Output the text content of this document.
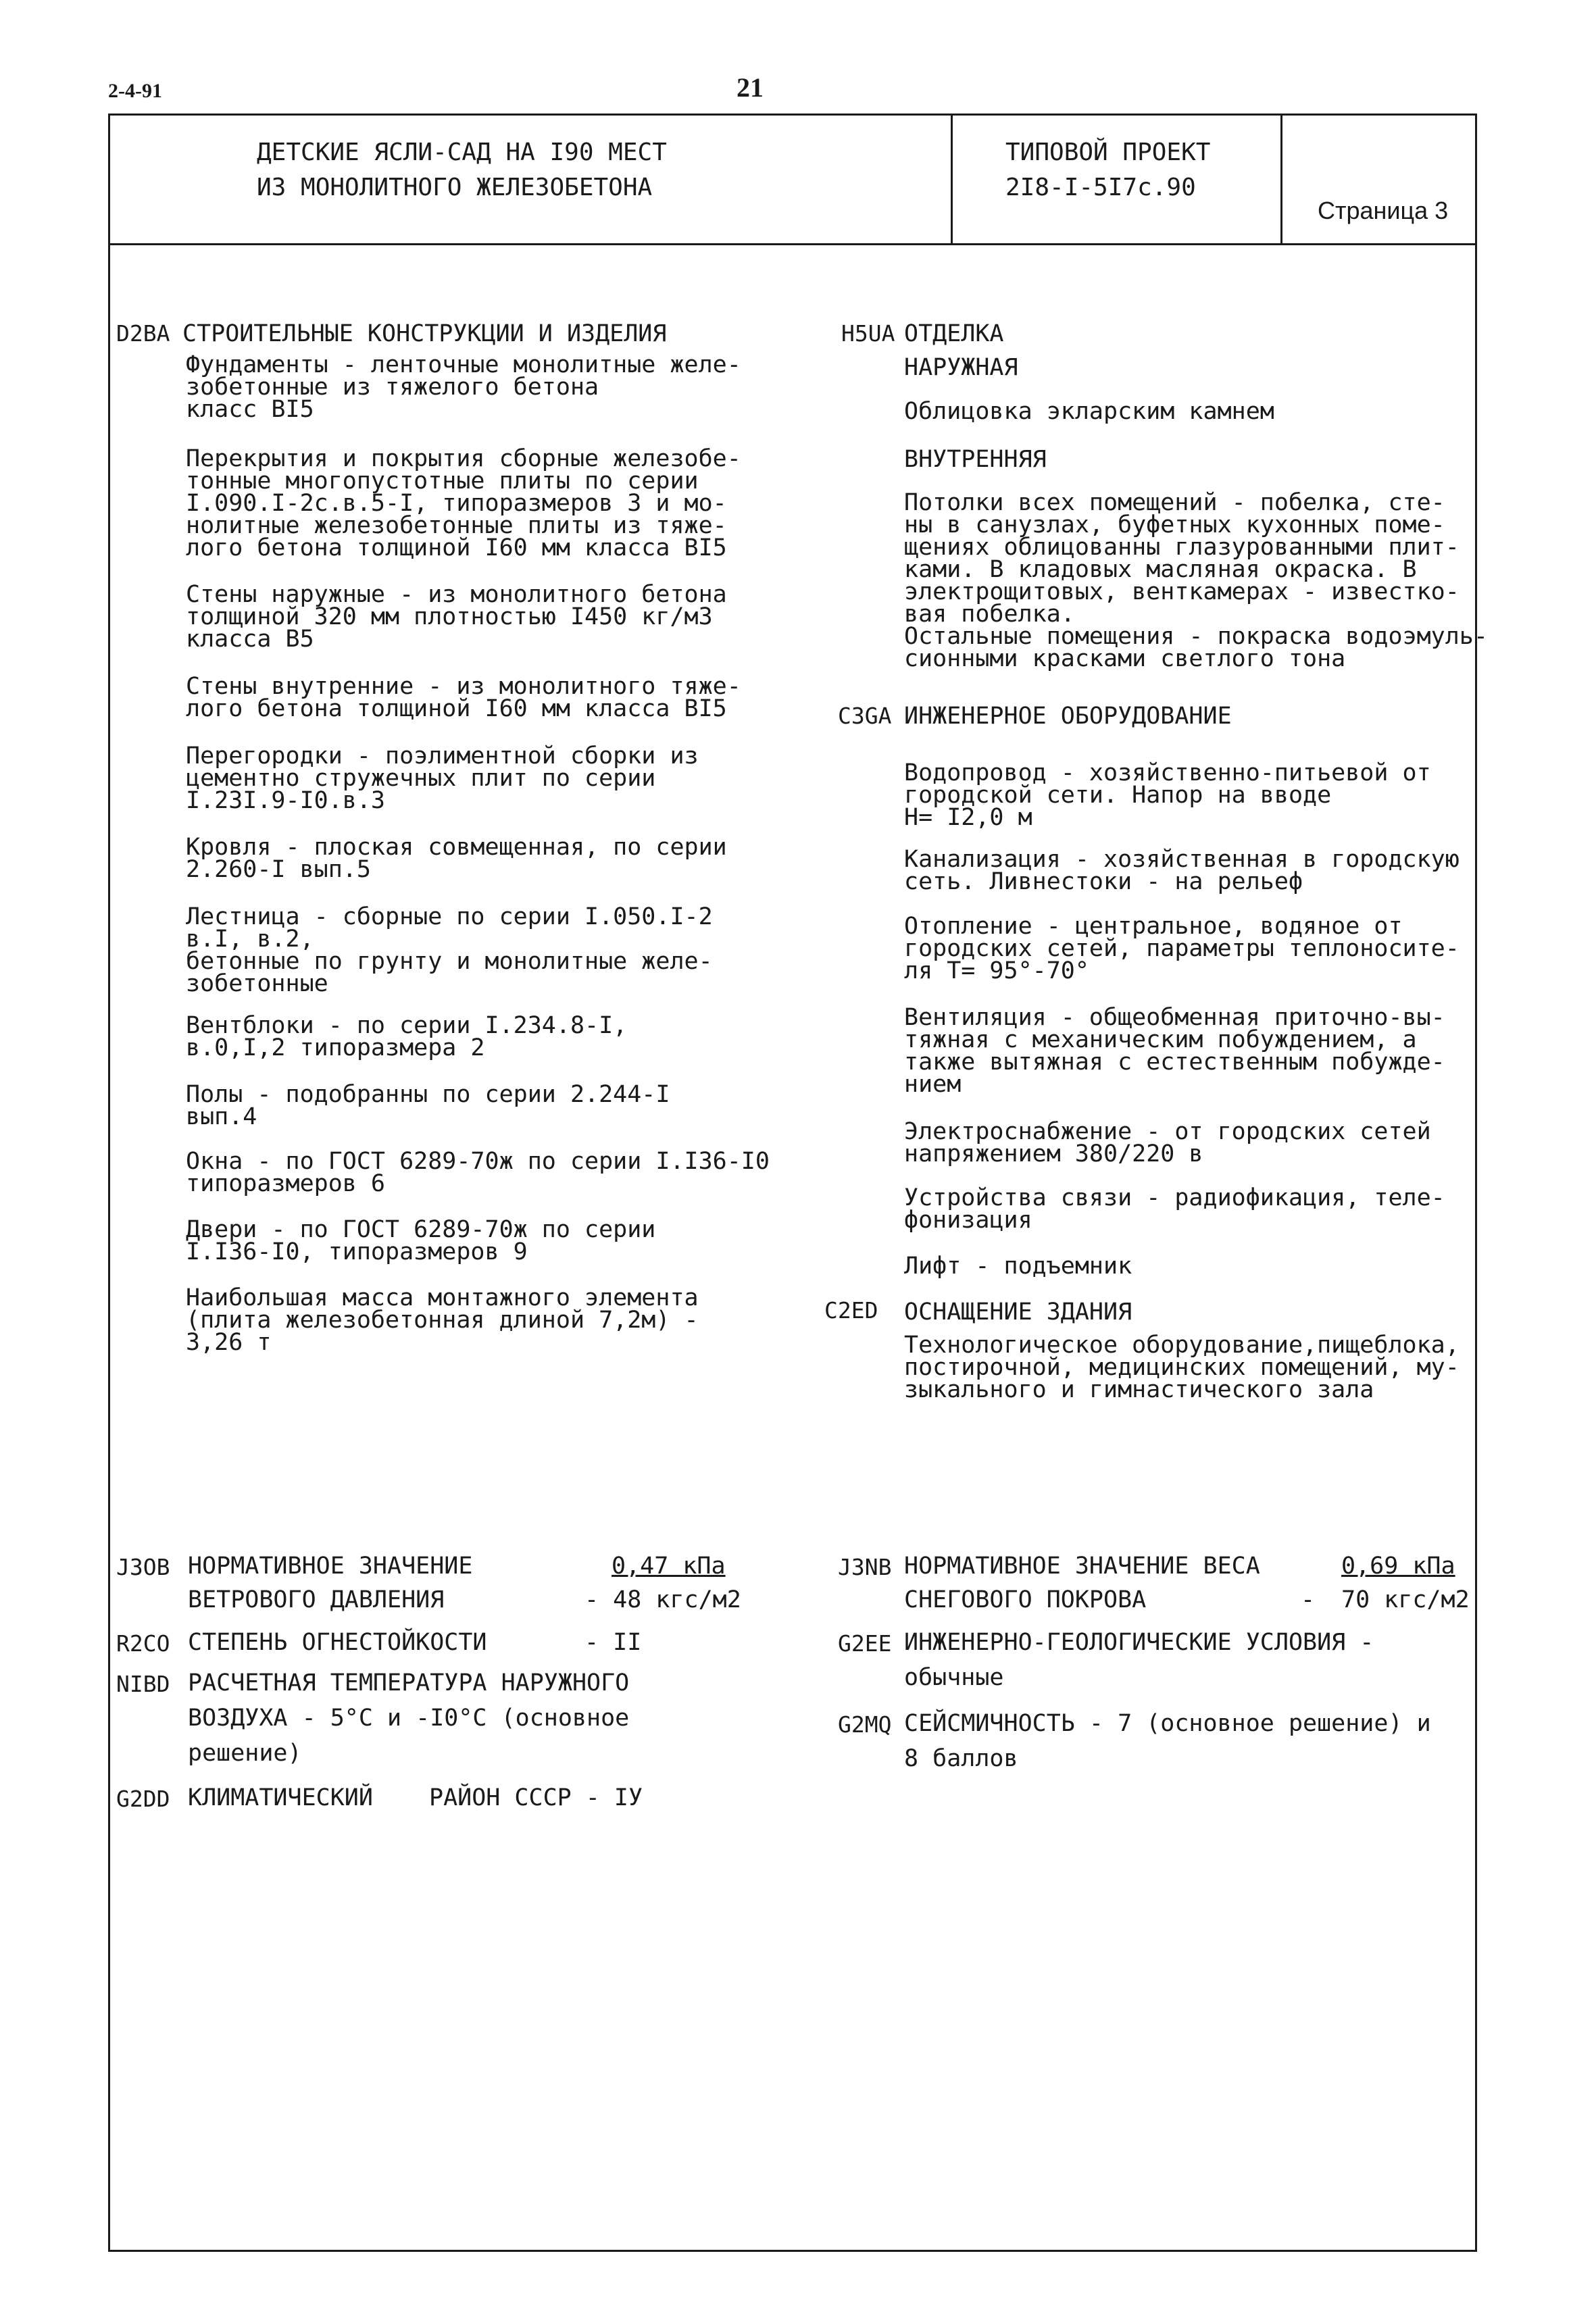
2-4-91	21
ДЕТСКИЕ ЯСЛИ-САД НА I90 МЕСТ
ИЗ МОНОЛИТНОГО ЖЕЛЕЗОБЕТОНА
ТИПОВОЙ ПРОЕКТ
2I8-I-5I7с.90
Страница 3
D2BA СТРОИТЕЛЬНЫЕ КОНСТРУКЦИИ И ИЗДЕЛИЯ
Фундаменты - ленточные монолитные желе-
зобетонные из тяжелого бетона
класс BI5
Перекрытия и покрытия сборные железобе-
тонные многопустотные плиты по серии
I.090.I-2с.в.5-I, типоразмеров 3 и мо-
нолитные железобетонные плиты из тяже-
лого бетона толщиной I60 мм класса BI5
Стены наружные - из монолитного бетона
толщиной 320 мм плотностью I450 кг/м3
класса В5
Стены внутренние - из монолитного тяже-
лого бетона толщиной I60 мм класса BI5
Перегородки - поэлиментной сборки из
цементно стружечных плит по серии
I.23I.9-I0.в.3
Кровля - плоская совмещенная, по серии
2.260-I вып.5
Лестница - сборные по серии I.050.I-2
в.I, в.2,
бетонные по грунту и монолитные желе-
зобетонные
Вентблоки - по серии I.234.8-I,
в.0,I,2 типоразмера 2
Полы - подобранны по серии 2.244-I
вып.4
Окна - по ГОСТ 6289-70ж по серии I.I36-I0
типоразмеров 6
Двери - по ГОСТ 6289-70ж по серии
I.I36-I0, типоразмеров 9
Наибольшая масса монтажного элемента
(плита железобетонная длиной 7,2м) -
3,26 т
H5UA ОТДЕЛКА
НАРУЖНАЯ
Облицовка экларским камнем
ВНУТРЕННЯЯ
Потолки всех помещений - побелка, сте-
ны в санузлах, буфетных кухонных поме-
щениях облицованны глазурованными плит-
ками. В кладовых масляная окраска. В
электрощитовых, венткамерах - известко-
вая побелка.
Остальные помещения - покраска водоэмуль-
сионными красками светлого тона
C3GA ИНЖЕНЕРНОЕ ОБОРУДОВАНИЕ
Водопровод - хозяйственно-питьевой от
городской сети. Напор на вводе
Н= I2,0 м
Канализация - хозяйственная в городскую
сеть. Ливнестоки - на рельеф
Отопление - центральное, водяное от
городских сетей, параметры теплоносите-
ля Т= 95°-70°
Вентиляция - общеобменная приточно-вы-
тяжная с механическим побуждением, а
также вытяжная с естественным побужде-
нием
Электроснабжение - от городских сетей
напряжением 380/220 в
Устройства связи - радиофикация, теле-
фонизация
Лифт - подъемник
C2ED ОСНАЩЕНИЕ ЗДАНИЯ
Технологическое оборудование,пищеблока,
постирочной, медицинских помещений, му-
зыкального и гимнастического зала
J3OB НОРМАТИВНОЕ ЗНАЧЕНИЕ	0,47 кПа
ВЕТРОВОГО ДАВЛЕНИЯ	- 48 кгс/м2
R2CO СТЕПЕНЬ ОГНЕСТОЙКОСТИ	- II
NIBD РАСЧЕТНАЯ ТЕМПЕРАТУРА НАРУЖНОГО
ВОЗДУХА - 5°С и -I0°С (основное
решение)
G2DD КЛИМАТИЧЕСКИЙ РАЙОН СССР - IУ
J3NB НОРМАТИВНОЕ ЗНАЧЕНИЕ ВЕСА	0,69 кПа
СНЕГОВОГО ПОКРОВА	- 70 кгс/м2
G2EE ИНЖЕНЕРНО-ГЕОЛОГИЧЕСКИЕ УСЛОВИЯ -
обычные
G2MQ СЕЙСМИЧНОСТЬ - 7 (основное решение) и
8 баллов
